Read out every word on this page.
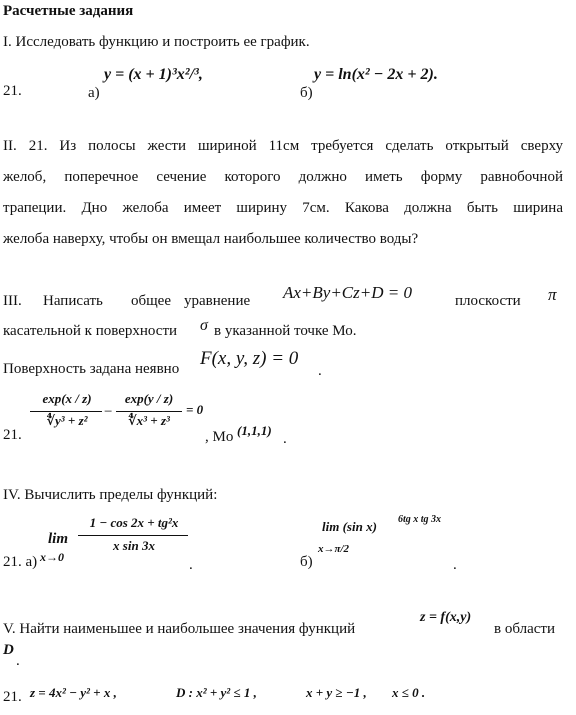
Расчетные задания
I. Исследовать функцию и построить ее график.
21.	а)
y = (x + 1)³x²/³,
б)
y = ln(x² − 2x + 2).
II. 21. Из полосы жести шириной 11см требуется сделать открытый сверху
желоб, поперечное сечение которого должно иметь форму равнобочной
трапеции. Дно желоба имеет ширину 7см. Какова должна быть ширина
желоба наверху, чтобы он вмещал наибольшее количество воды?
III. Написать общее уравнение Ax+By+Cz+D = 0	плоскости π
касательной к поверхности σ в указанной точке Мо.
Поверхность задана неявно F(x, y, z) = 0
.
21.
exp(x / z)
∜y³ + z²
−
exp(y / z)
∜x³ + z³
= 0
, Mo (1,1,1)
.
IV. Вычислить пределы функций:
21. а)
lim
x→0
1 − cos 2x + tg²x
x sin 3x
.	б)
lim (sin x) 6tg x tg 3x
x→π/2
.
V. Найти наименьшее и наибольшее значения функций
z = f(x,y)
в области
D
.
21. z = 4x² − y² + x ,	D : x² + y² ≤ 1 ,	x + y ≥ −1 , x ≤ 0 .
